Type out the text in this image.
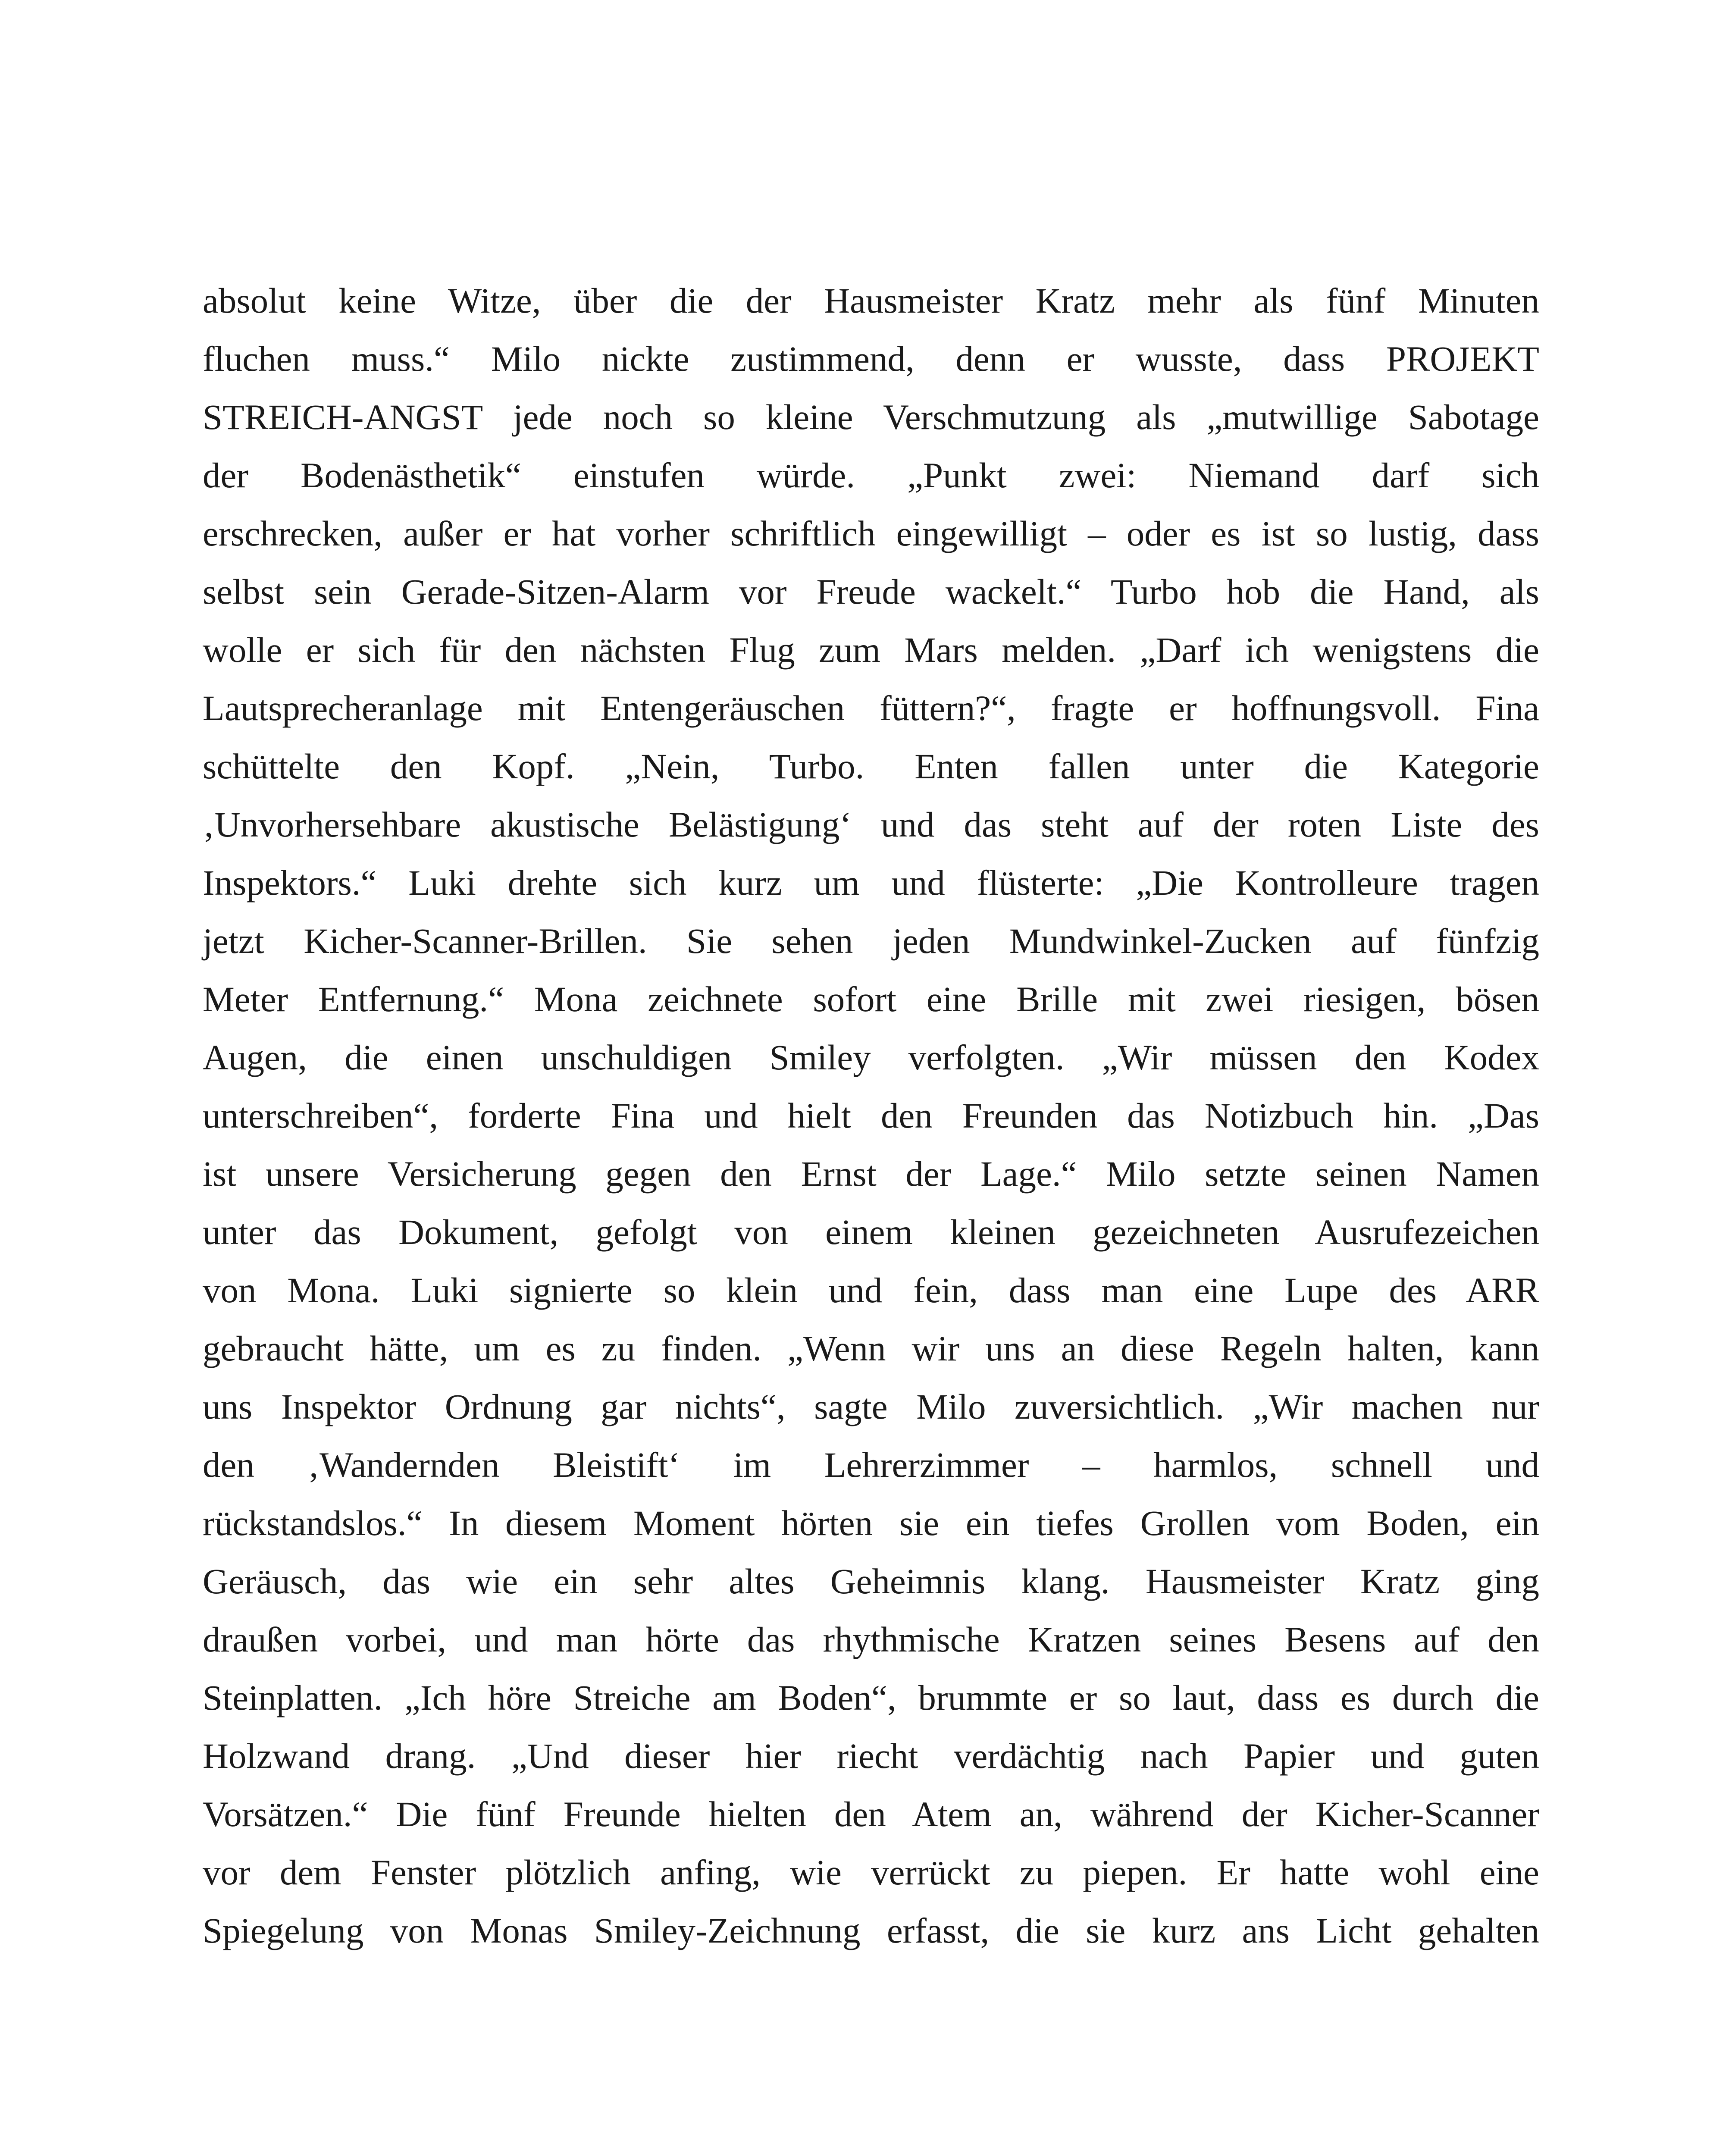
absolut keine Witze, über die der Hausmeister Kratz mehr als fünf Minuten
fluchen muss.“ Milo nickte zustimmend, denn er wusste, dass PROJEKT
STREICH-ANGST jede noch so kleine Verschmutzung als „mutwillige Sabotage
der Bodenästhetik“ einstufen würde. „Punkt zwei: Niemand darf sich
erschrecken, außer er hat vorher schriftlich eingewilligt – oder es ist so lustig, dass
selbst sein Gerade-Sitzen-Alarm vor Freude wackelt.“ Turbo hob die Hand, als
wolle er sich für den nächsten Flug zum Mars melden. „Darf ich wenigstens die
Lautsprecheranlage mit Entengeräuschen füttern?“, fragte er hoffnungsvoll. Fina
schüttelte den Kopf. „Nein, Turbo. Enten fallen unter die Kategorie
‚Unvorhersehbare akustische Belästigung‘ und das steht auf der roten Liste des
Inspektors.“ Luki drehte sich kurz um und flüsterte: „Die Kontrolleure tragen
jetzt Kicher-Scanner-Brillen. Sie sehen jeden Mundwinkel-Zucken auf fünfzig
Meter Entfernung.“ Mona zeichnete sofort eine Brille mit zwei riesigen, bösen
Augen, die einen unschuldigen Smiley verfolgten. „Wir müssen den Kodex
unterschreiben“, forderte Fina und hielt den Freunden das Notizbuch hin. „Das
ist unsere Versicherung gegen den Ernst der Lage.“ Milo setzte seinen Namen
unter das Dokument, gefolgt von einem kleinen gezeichneten Ausrufezeichen
von Mona. Luki signierte so klein und fein, dass man eine Lupe des ARR
gebraucht hätte, um es zu finden. „Wenn wir uns an diese Regeln halten, kann
uns Inspektor Ordnung gar nichts“, sagte Milo zuversichtlich. „Wir machen nur
den ‚Wandernden Bleistift‘ im Lehrerzimmer – harmlos, schnell und
rückstandslos.“ In diesem Moment hörten sie ein tiefes Grollen vom Boden, ein
Geräusch, das wie ein sehr altes Geheimnis klang. Hausmeister Kratz ging
draußen vorbei, und man hörte das rhythmische Kratzen seines Besens auf den
Steinplatten. „Ich höre Streiche am Boden“, brummte er so laut, dass es durch die
Holzwand drang. „Und dieser hier riecht verdächtig nach Papier und guten
Vorsätzen.“ Die fünf Freunde hielten den Atem an, während der Kicher-Scanner
vor dem Fenster plötzlich anfing, wie verrückt zu piepen. Er hatte wohl eine
Spiegelung von Monas Smiley-Zeichnung erfasst, die sie kurz ans Licht gehalten
